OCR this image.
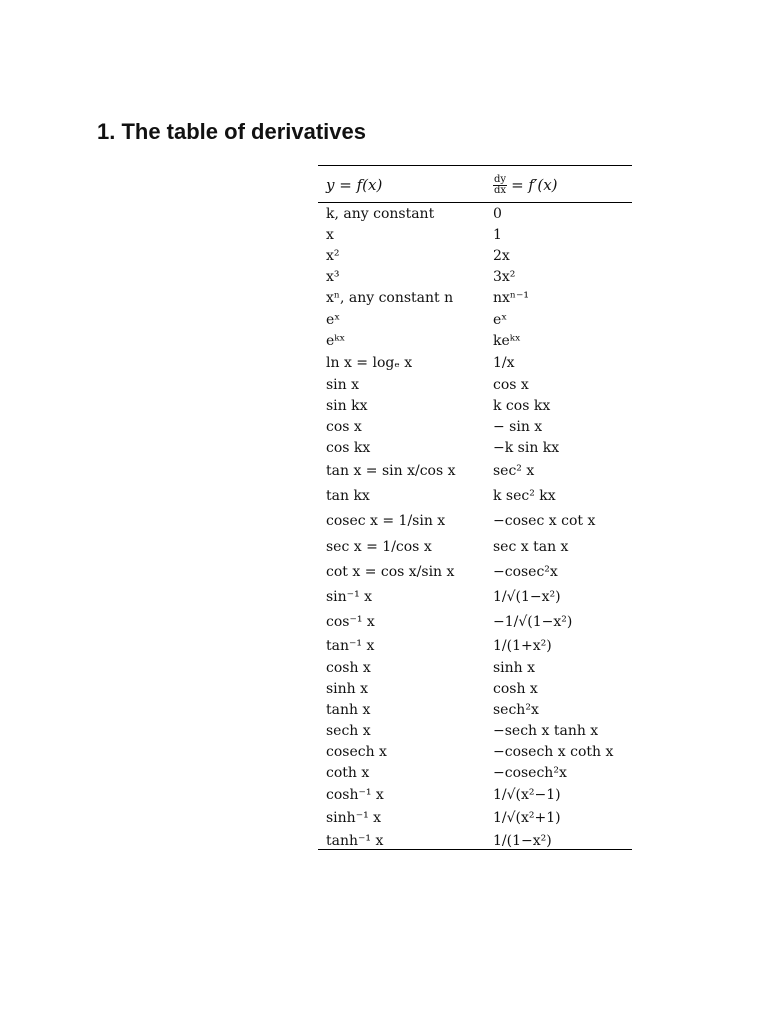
1. The table of derivatives
y = f(x)	$\frac{dy}{dx} = f'(x)$
k, any constant	0
x	1
x²	2x
x³	3x²
xⁿ, any constant n	nxⁿ⁻¹
eˣ	eˣ
eᵏˣ	keᵏˣ
ln x = logₑ x	1/x
sin x	cos x
sin kx	k cos kx
cos x	− sin x
cos kx	−k sin kx
tan x = sin x/cos x	sec² x
tan kx	k sec² kx
cosec x = 1/sin x	−cosec x cot x
sec x = 1/cos x	sec x tan x
cot x = cos x/sin x	−cosec²x
sin⁻¹ x	1/√(1−x²)
cos⁻¹ x	−1/√(1−x²)
tan⁻¹ x	1/(1+x²)
cosh x	sinh x
sinh x	cosh x
tanh x	sech²x
sech x	−sech x tanh x
cosech x	−cosech x coth x
coth x	−cosech²x
cosh⁻¹ x	1/√(x²−1)
sinh⁻¹ x	1/√(x²+1)
tanh⁻¹ x	1/(1−x²)
